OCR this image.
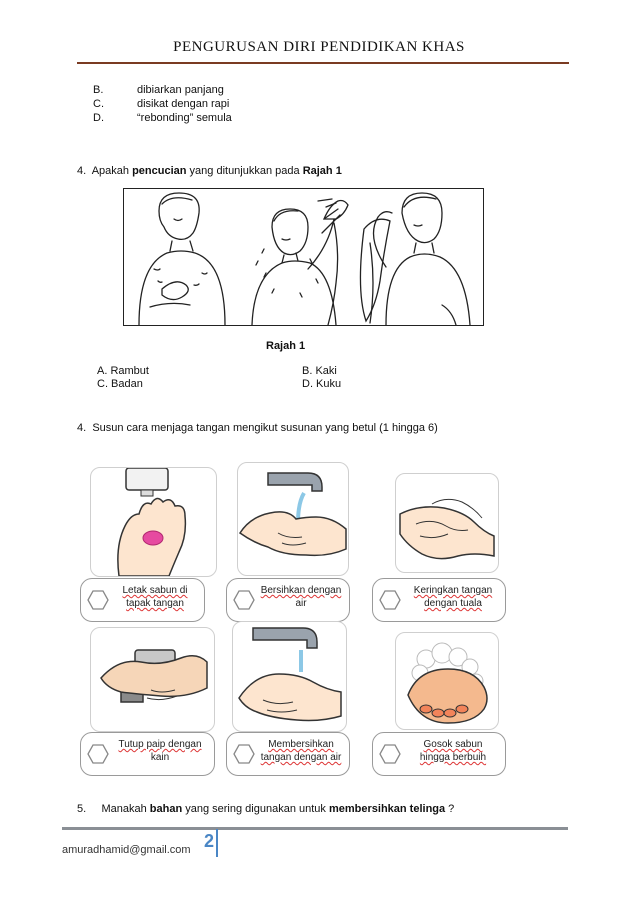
PENGURUSAN DIRI PENDIDIKAN KHAS
B.	dibiarkan panjang
C.	disikat dengan rapi
D.	“rebonding” semula
4. Apakah pencucian yang ditunjukkan pada Rajah 1
Rajah 1
A. Rambut
C. Badan
B. Kaki
D. Kuku
4. Susun cara menjaga tangan mengikut susunan yang betul (1 hingga 6)
Letak sabun di
tapak tangan
Bersihkan dengan
air
Keringkan tangan
dengan tuala
Tutup paip dengan
kain
Membersihkan
tangan dengan air
Gosok sabun
hingga berbuih
5. Manakah bahan yang sering digunakan untuk membersihkan telinga ?
amuradhamid@gmail.com 2
